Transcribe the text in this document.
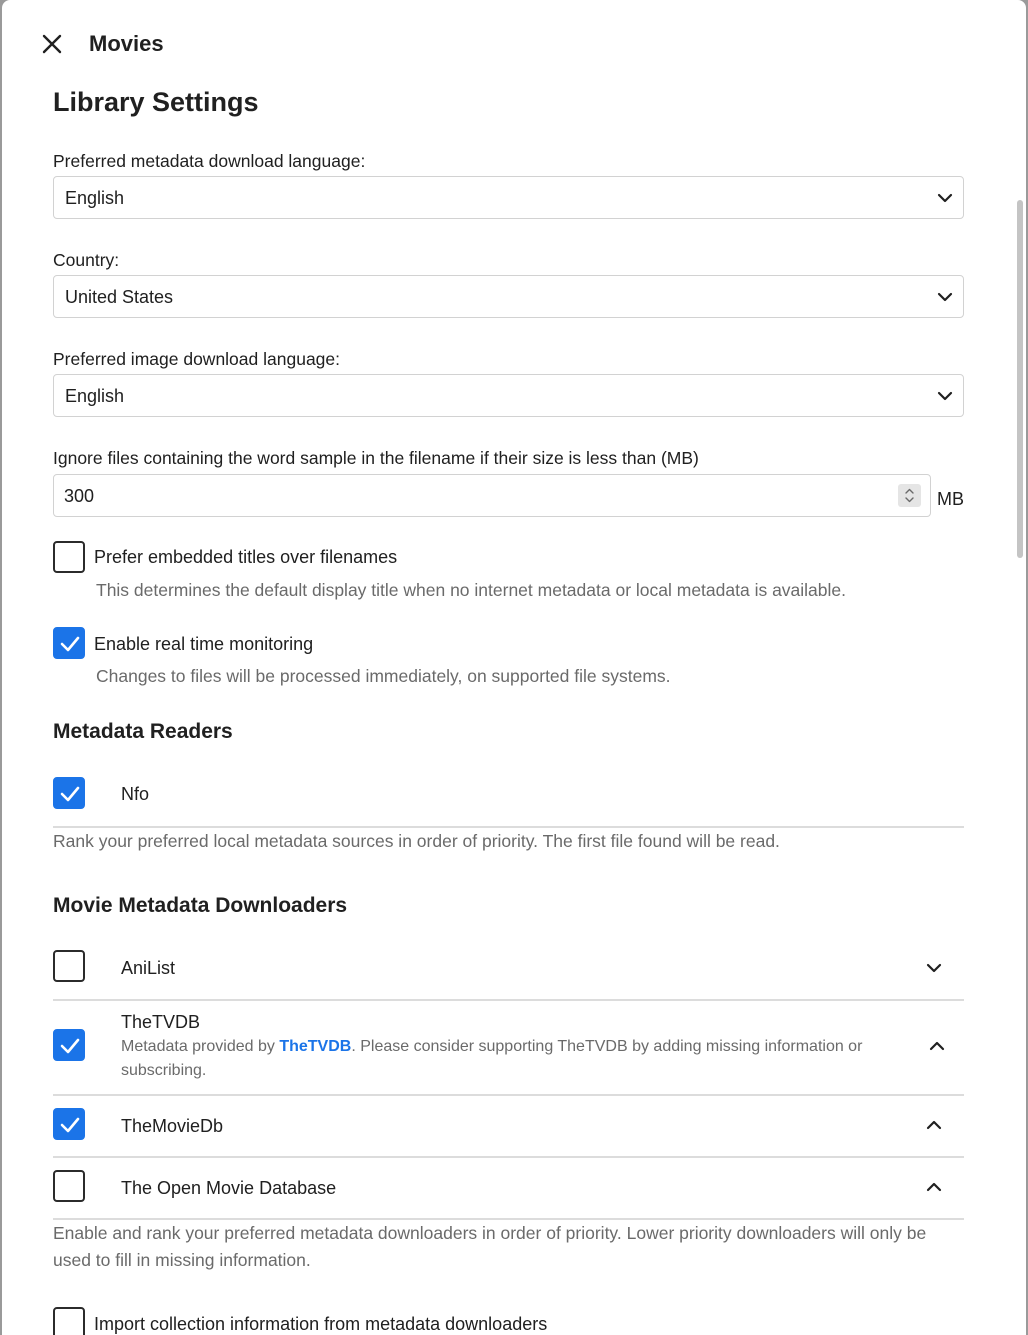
Movies
Library Settings
Preferred metadata download language:
English
Country:
United States
Preferred image download language:
English
Ignore files containing the word sample in the filename if their size is less than (MB)
300	MB
Prefer embedded titles over filenames
This determines the default display title when no internet metadata or local metadata is available.
Enable real time monitoring
Changes to files will be processed immediately, on supported file systems.
Metadata Readers
Nfo
Rank your preferred local metadata sources in order of priority. The first file found will be read.
Movie Metadata Downloaders
AniList
TheTVDB
Metadata provided by TheTVDB. Please consider supporting TheTVDB by adding missing information or subscribing.
TheMovieDb
The Open Movie Database
Enable and rank your preferred metadata downloaders in order of priority. Lower priority downloaders will only be used to fill in missing information.
Import collection information from metadata downloaders
